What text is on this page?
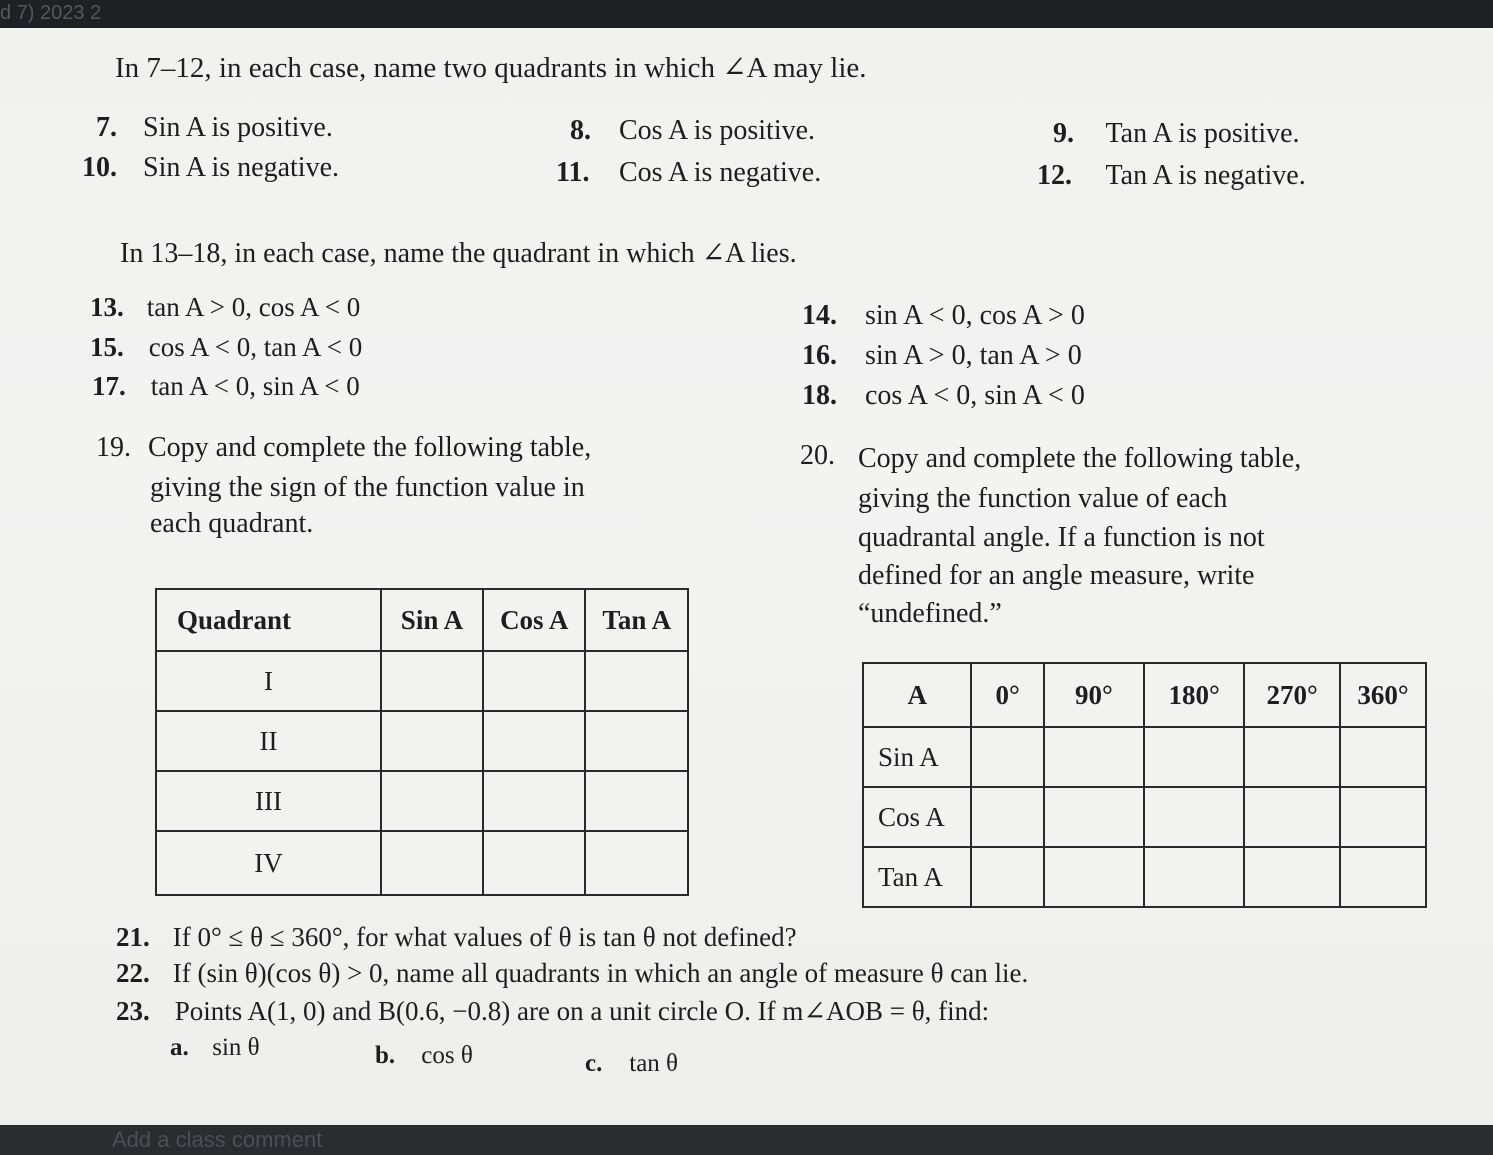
d 7) 2023 2
In 7–12, in each case, name two quadrants in which ∠A may lie.
7. Sin A is positive.	8. Cos A is positive.	9. Tan A is positive.
10. Sin A is negative.	11. Cos A is negative.	12. Tan A is negative.
In 13–18, in each case, name the quadrant in which ∠A lies.
13. tan A > 0, cos A < 0	14. sin A < 0, cos A > 0
15. cos A < 0, tan A < 0	16. sin A > 0, tan A > 0
17. tan A < 0, sin A < 0	18. cos A < 0, sin A < 0
19. Copy and complete the following table,
giving the sign of the function value in
each quadrant.
Quadrant	Sin A	Cos A	Tan A
I			
II			
III			
IV			
20. Copy and complete the following table,
giving the function value of each
quadrantal angle. If a function is not
defined for an angle measure, write
“undefined.”
A	0°	90°	180°	270°	360°
Sin A					
Cos A					
Tan A					
21. If 0° ≤ θ ≤ 360°, for what values of θ is tan θ not defined?
22. If (sin θ)(cos θ) > 0, name all quadrants in which an angle of measure θ can lie.
23. Points A(1, 0) and B(0.6, −0.8) are on a unit circle O. If m∠AOB = θ, find:
a. sin θ	b. cos θ	c. tan θ
Add a class comment
